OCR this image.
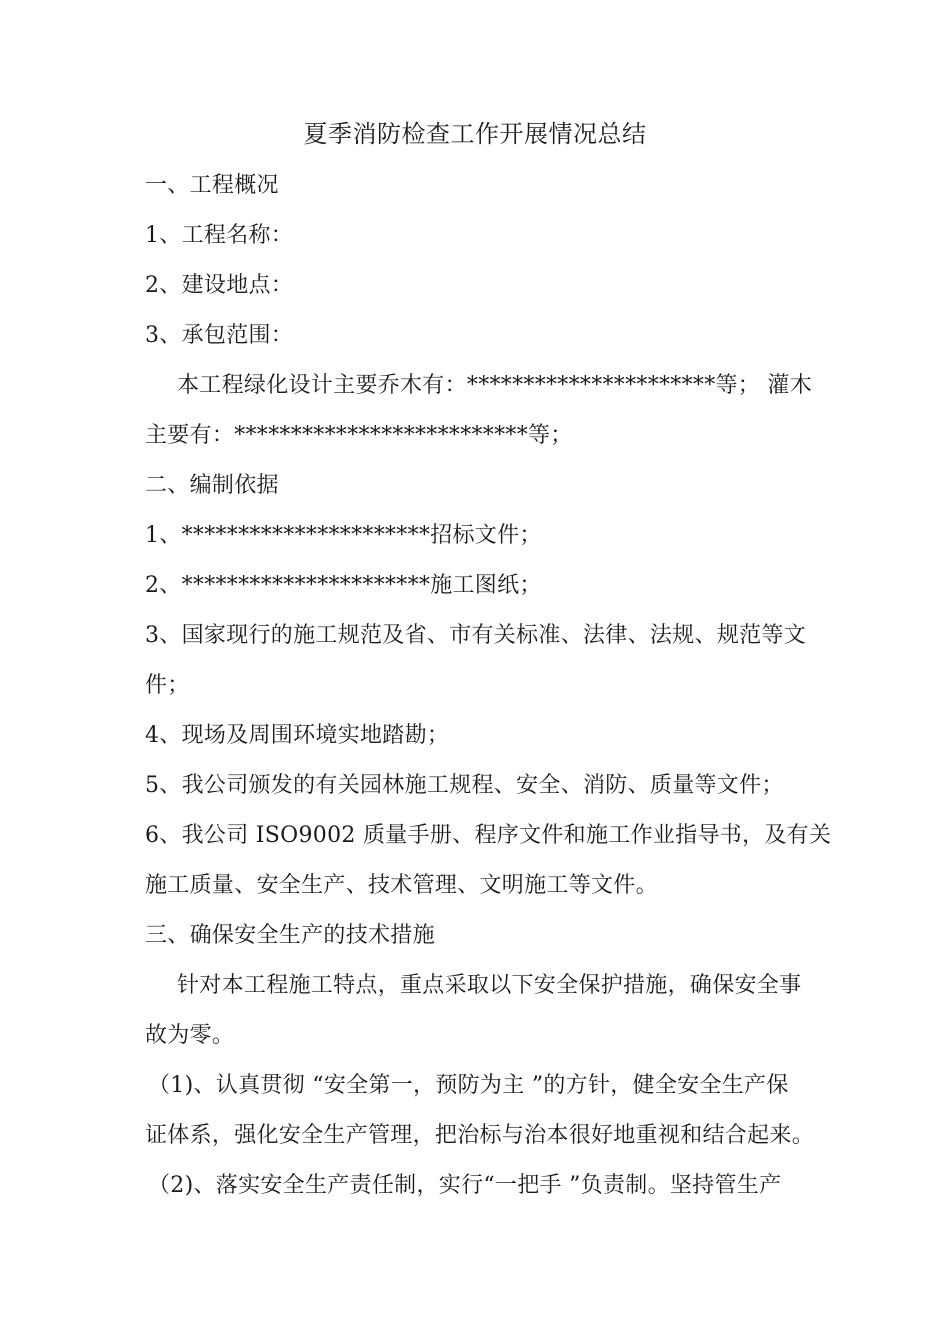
夏季消防检查工作开展情况总结
一、工程概况
1、工程名称：
2、建设地点：
3、承包范围：
本工程绿化设计主要乔木有：**********************等； 灌木
主要有：**************************等；
二、编制依据
1、**********************招标文件；
2、**********************施工图纸；
3、国家现行的施工规范及省、市有关标准、法律、法规、规范等文
件；
4、现场及周围环境实地踏勘；
5、我公司颁发的有关园林施工规程、安全、消防、质量等文件；
6、我公司 ISO9002 质量手册、程序文件和施工作业指导书，及有关
施工质量、安全生产、技术管理、文明施工等文件。
三、确保安全生产的技术措施
针对本工程施工特点，重点采取以下安全保护措施，确保安全事
故为零。
（1)、认真贯彻 “安全第一，预防为主 ”的方针，健全安全生产保
证体系，强化安全生产管理，把治标与治本很好地重视和结合起来。
（2)、落实安全生产责任制，实行“一把手 ”负责制。坚持管生产
